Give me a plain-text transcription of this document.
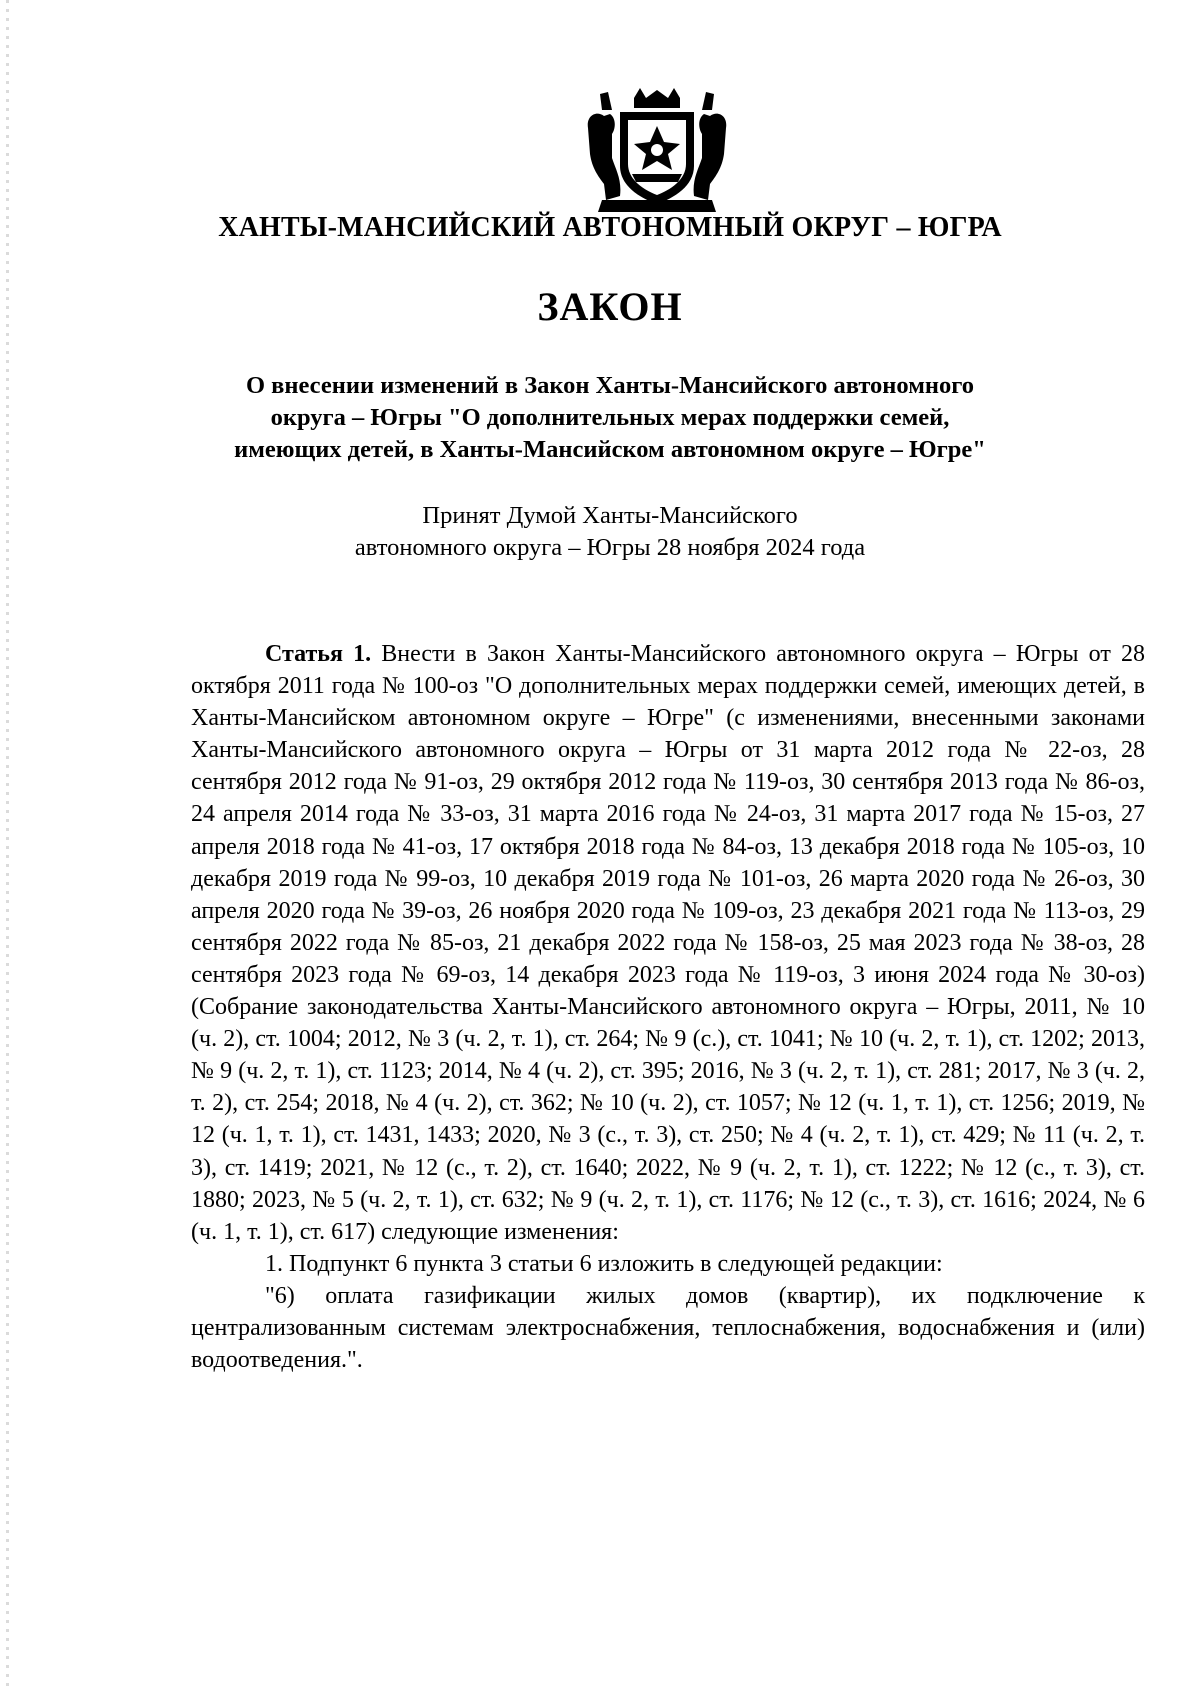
ХАНТЫ-МАНСИЙСКИЙ АВТОНОМНЫЙ ОКРУГ – ЮГРА
ЗАКОН
О внесении изменений в Закон Ханты-Мансийского автономного
округа – Югры "О дополнительных мерах поддержки семей,
имеющих детей, в Ханты-Мансийском автономном округе – Югре"
Принят Думой Ханты-Мансийского
автономного округа – Югры 28 ноября 2024 года

Статья 1. Внести в Закон Ханты-Мансийского автономного округа – Югры от 28 октября 2011 года № 100-оз "О дополнительных мерах поддержки семей, имеющих детей, в Ханты-Мансийском автономном округе – Югре" (с изменениями, внесенными законами Ханты-Мансийского автономного округа – Югры от 31 марта 2012 года № 22-оз, 28 сентября 2012 года № 91-оз, 29 октября 2012 года № 119-оз, 30 сентября 2013 года № 86-оз, 24 апреля 2014 года № 33-оз, 31 марта 2016 года № 24-оз, 31 марта 2017 года № 15-оз, 27 апреля 2018 года № 41-оз, 17 октября 2018 года № 84-оз, 13 декабря 2018 года № 105-оз, 10 декабря 2019 года № 99-оз, 10 декабря 2019 года № 101-оз, 26 марта 2020 года № 26-оз, 30 апреля 2020 года № 39-оз, 26 ноября 2020 года № 109-оз, 23 декабря 2021 года № 113-оз, 29 сентября 2022 года № 85-оз, 21 декабря 2022 года № 158-оз, 25 мая 2023 года № 38-оз, 28 сентября 2023 года № 69-оз, 14 декабря 2023 года № 119-оз, 3 июня 2024 года № 30-оз) (Собрание законодательства Ханты-Мансийского автономного округа – Югры, 2011, № 10 (ч. 2), ст. 1004; 2012, № 3 (ч. 2, т. 1), ст. 264; № 9 (с.), ст. 1041; № 10 (ч. 2, т. 1), ст. 1202; 2013, № 9 (ч. 2, т. 1), ст. 1123; 2014, № 4 (ч. 2), ст. 395; 2016, № 3 (ч. 2, т. 1), ст. 281; 2017, № 3 (ч. 2, т. 2), ст. 254; 2018, № 4 (ч. 2), ст. 362; № 10 (ч. 2), ст. 1057; № 12 (ч. 1, т. 1), ст. 1256; 2019, № 12 (ч. 1, т. 1), ст. 1431, 1433; 2020, № 3 (с., т. 3), ст. 250; № 4 (ч. 2, т. 1), ст. 429; № 11 (ч. 2, т. 3), ст. 1419; 2021, № 12 (с., т. 2), ст. 1640; 2022, № 9 (ч. 2, т. 1), ст. 1222; № 12 (с., т. 3), ст. 1880; 2023, № 5 (ч. 2, т. 1), ст. 632; № 9 (ч. 2, т. 1), ст. 1176; № 12 (с., т. 3), ст. 1616; 2024, № 6 (ч. 1, т. 1), ст. 617) следующие изменения:

1. Подпункт 6 пункта 3 статьи 6 изложить в следующей редакции:

"6) оплата газификации жилых домов (квартир), их подключение к централизованным системам электроснабжения, теплоснабжения, водоснабжения и (или) водоотведения.".
